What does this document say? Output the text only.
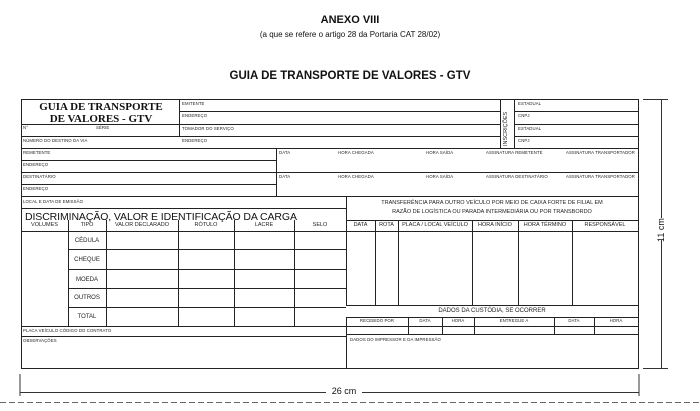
ANEXO VIII
(a que se refere o artigo 28 da Portaria CAT 28/02)
GUIA DE TRANSPORTE DE VALORES - GTV
GUIA DE TRANSPORTE
DE VALORES - GTV
N°	SÉRIE
NÚMERO DO DESTINO DA VIA
EMITENTE
ENDEREÇO
TOMADOR DO SERVIÇO
ENDEREÇO	INSCRIÇÕES
ESTADUAL
CNPJ
ESTADUAL
CNPJ
REMETENTE
ENDEREÇO
DATA	HORA CHEGADA	HORA SAÍDA	ASSINATURA REMETENTE	ASSINATURA TRANSPORTADOR
DESTINATÁRIO
ENDEREÇO
DATA	HORA CHEGADA	HORA SAÍDA	ASSINATURA DESTINATÁRIO	ASSINATURA TRANSPORTADOR
LOCAL E DATA DE EMISSÃO
DISCRIMINAÇÃO, VALOR E IDENTIFICAÇÃO DA CARGA
VOLUMES	TIPO	VALOR DECLARADO	RÓTULO	LACRE	SELO
CÉDULA
CHEQUE
MOEDA
OUTROS
TOTAL
TRANSFERÊNCIA PARA OUTRO VEÍCULO POR MEIO DE CAIXA FORTE DE FILIAL EM
RAZÃO DE LOGÍSTICA OU PARADA INTERMEDIÁRIA OU POR TRANSBORDO
DATA	ROTA	PLACA / LOCAL VEÍCULO	HORA INÍCIO	HORA TÉRMINO	RESPONSÁVEL
DADOS DA CUSTÓDIA, SE OCORRER
RECEBIDO POR	DATA	HORA	ENTREGUE A	DATA	HORA
PLACA VEÍCULO CÓDIGO DO CONTRATO
OBSERVAÇÕES	DADOS DO IMPRESSOR E DA IMPRESSÃO
26 cm
11 cm
